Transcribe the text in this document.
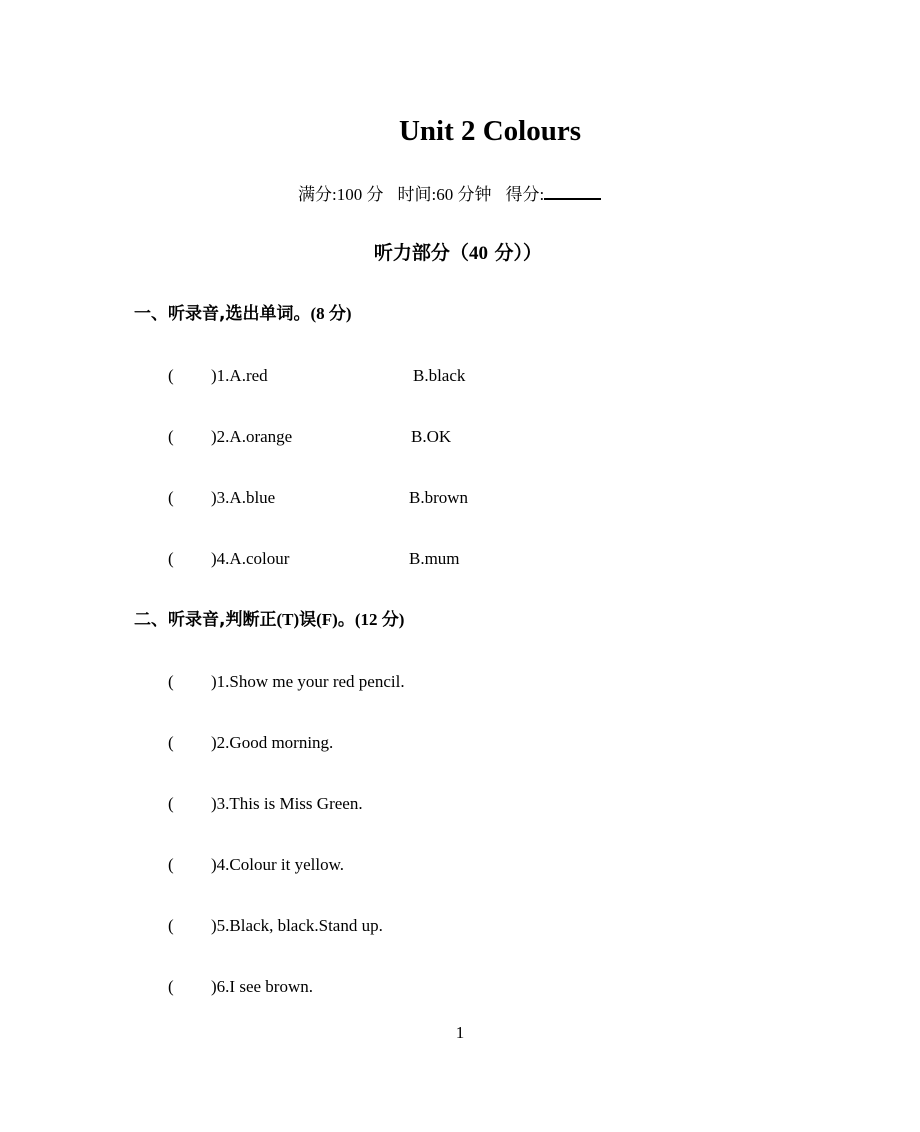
Unit 2 Colours
满分:100 分 时间:60 分钟 得分:
听力部分（40 分））
一、听录音,选出单词。(8 分)
( )1.A.red	B.black
( )2.A.orange	B.OK
( )3.A.blue	B.brown
( )4.A.colour	B.mum
二、听录音,判断正(T)误(F)。(12 分)
( )1.Show me your red pencil.
( )2.Good morning.
( )3.This is Miss Green.
( )4.Colour it yellow.
( )5.Black, black.Stand up.
( )6.I see brown.
1
